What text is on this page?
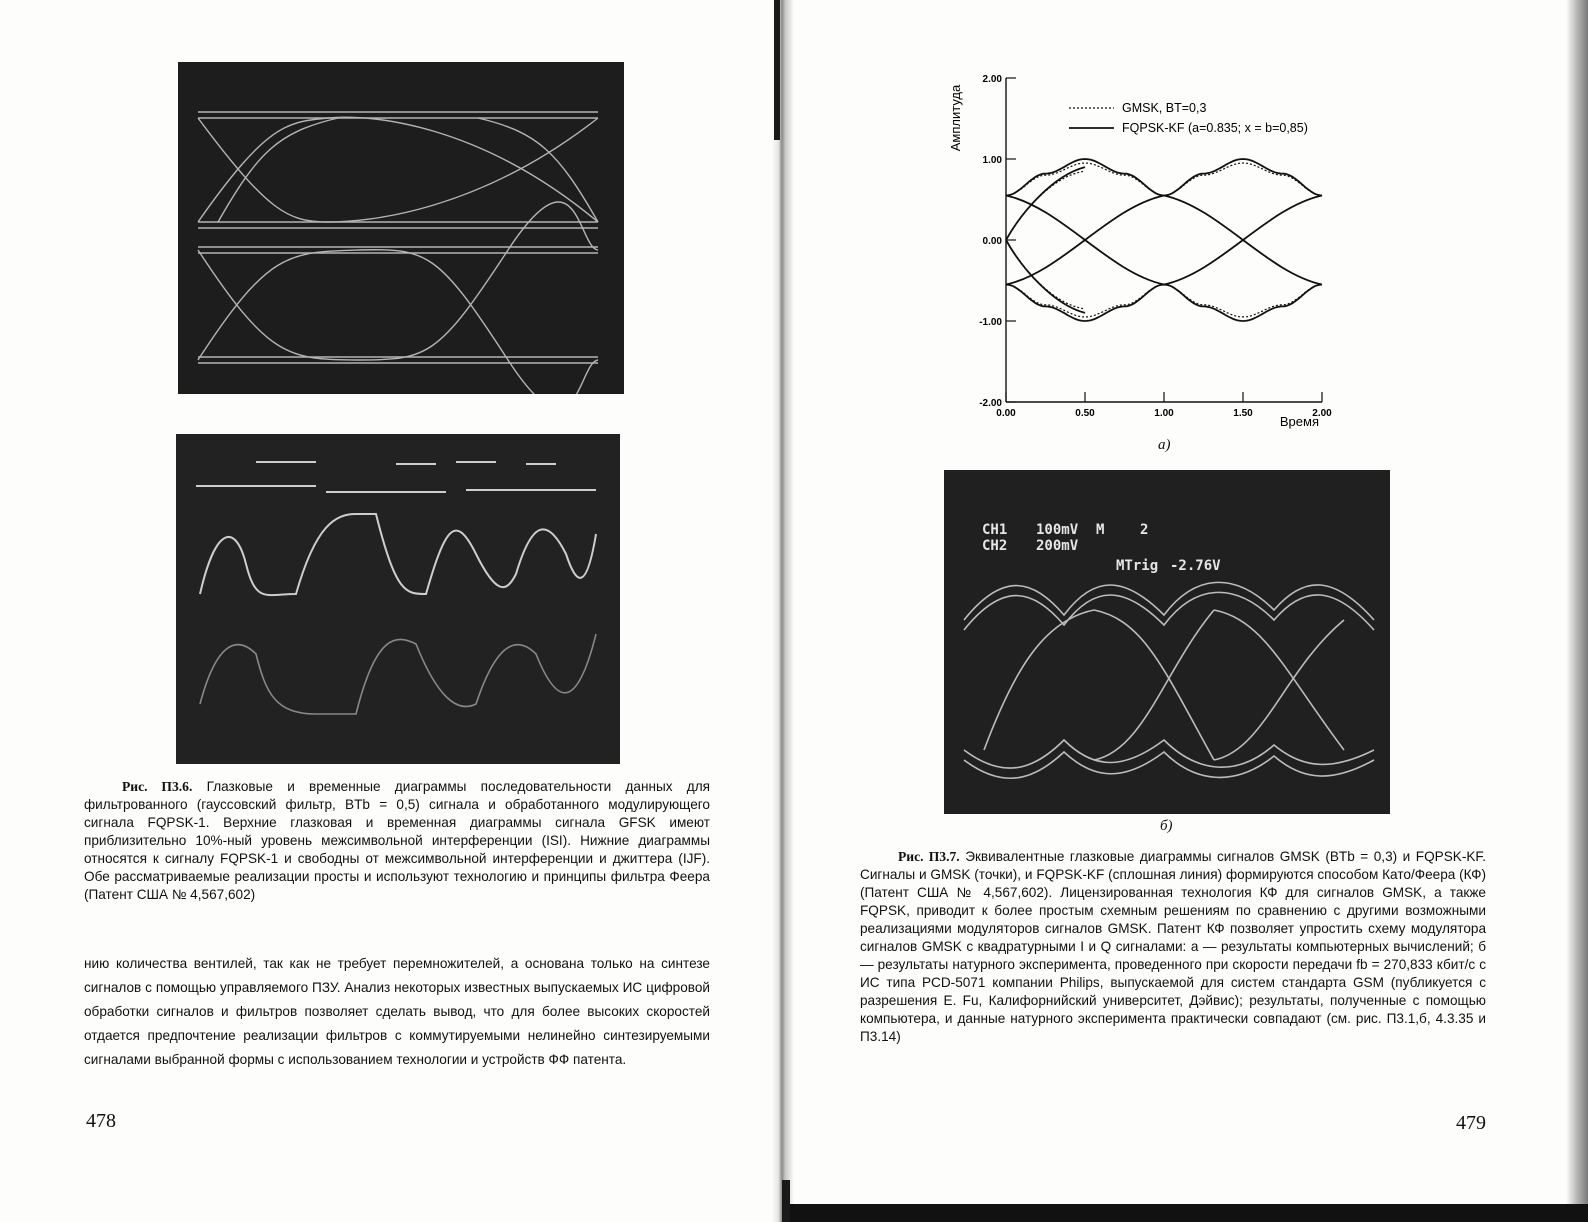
Рис. П3.6. Глазковые и временные диаграммы последовательности данных для фильтрованного (гауссовский фильтр, BTb = 0,5) сигнала и обработанного модулирующего сигнала FQPSK-1. Верхние глазковая и временная диаграммы сигнала GFSK имеют приблизительно 10%-ный уровень межсимвольной интерференции (ISI). Нижние диаграммы относятся к сигналу FQPSK-1 и свободны от межсимвольной интерференции и джиттера (IJF). Обе рассматриваемые реализации просты и используют технологию и принципы фильтра Феера (Патент США № 4,567,602)
нию количества вентилей, так как не требует перемножителей, а основана только на синтезе сигналов с помощью управляемого ПЗУ. Анализ некоторых известных выпускаемых ИС цифровой обработки сигналов и фильтров позволяет сделать вывод, что для более высоких скоростей отдается предпочтение реализации фильтров с коммутируемыми нелинейно синтезируемыми сигналами выбранной формы с использованием технологии и устройств ФФ патента.
478
2.00
1.00
0.00
-1.00
-2.00
0.00	0.50	1.00	1.50	2.00
GMSK, BT=0,3
FQPSK-KF (a=0.835; x = b=0,85)
Амплитуда
Время
а)
CH1 100mV M	2
CH2 200mV
MTrig -2.76V
б)
Рис. П3.7. Эквивалентные глазковые диаграммы сигналов GMSK (BTb = 0,3) и FQPSK-KF. Сигналы и GMSK (точки), и FQPSK-KF (сплошная линия) формируются способом Като/Феера (КФ) (Патент США № 4,567,602). Лицензированная технология КФ для сигналов GMSK, а также FQPSK, приводит к более простым схемным решениям по сравнению с другими возможными реализациями модуляторов сигналов GMSK. Патент КФ позволяет упростить схему модулятора сигналов GMSK с квадратурными I и Q сигналами: а — результаты компьютерных вычислений; б — результаты натурного эксперимента, проведенного при скорости передачи fb = 270,833 кбит/с с ИС типа PCD-5071 компании Philips, выпускаемой для систем стандарта GSM (публикуется с разрешения E. Fu, Калифорнийский университет, Дэйвис); результаты, полученные с помощью компьютера, и данные натурного эксперимента практически совпадают (см. рис. П3.1,б, 4.3.35 и П3.14)
479
